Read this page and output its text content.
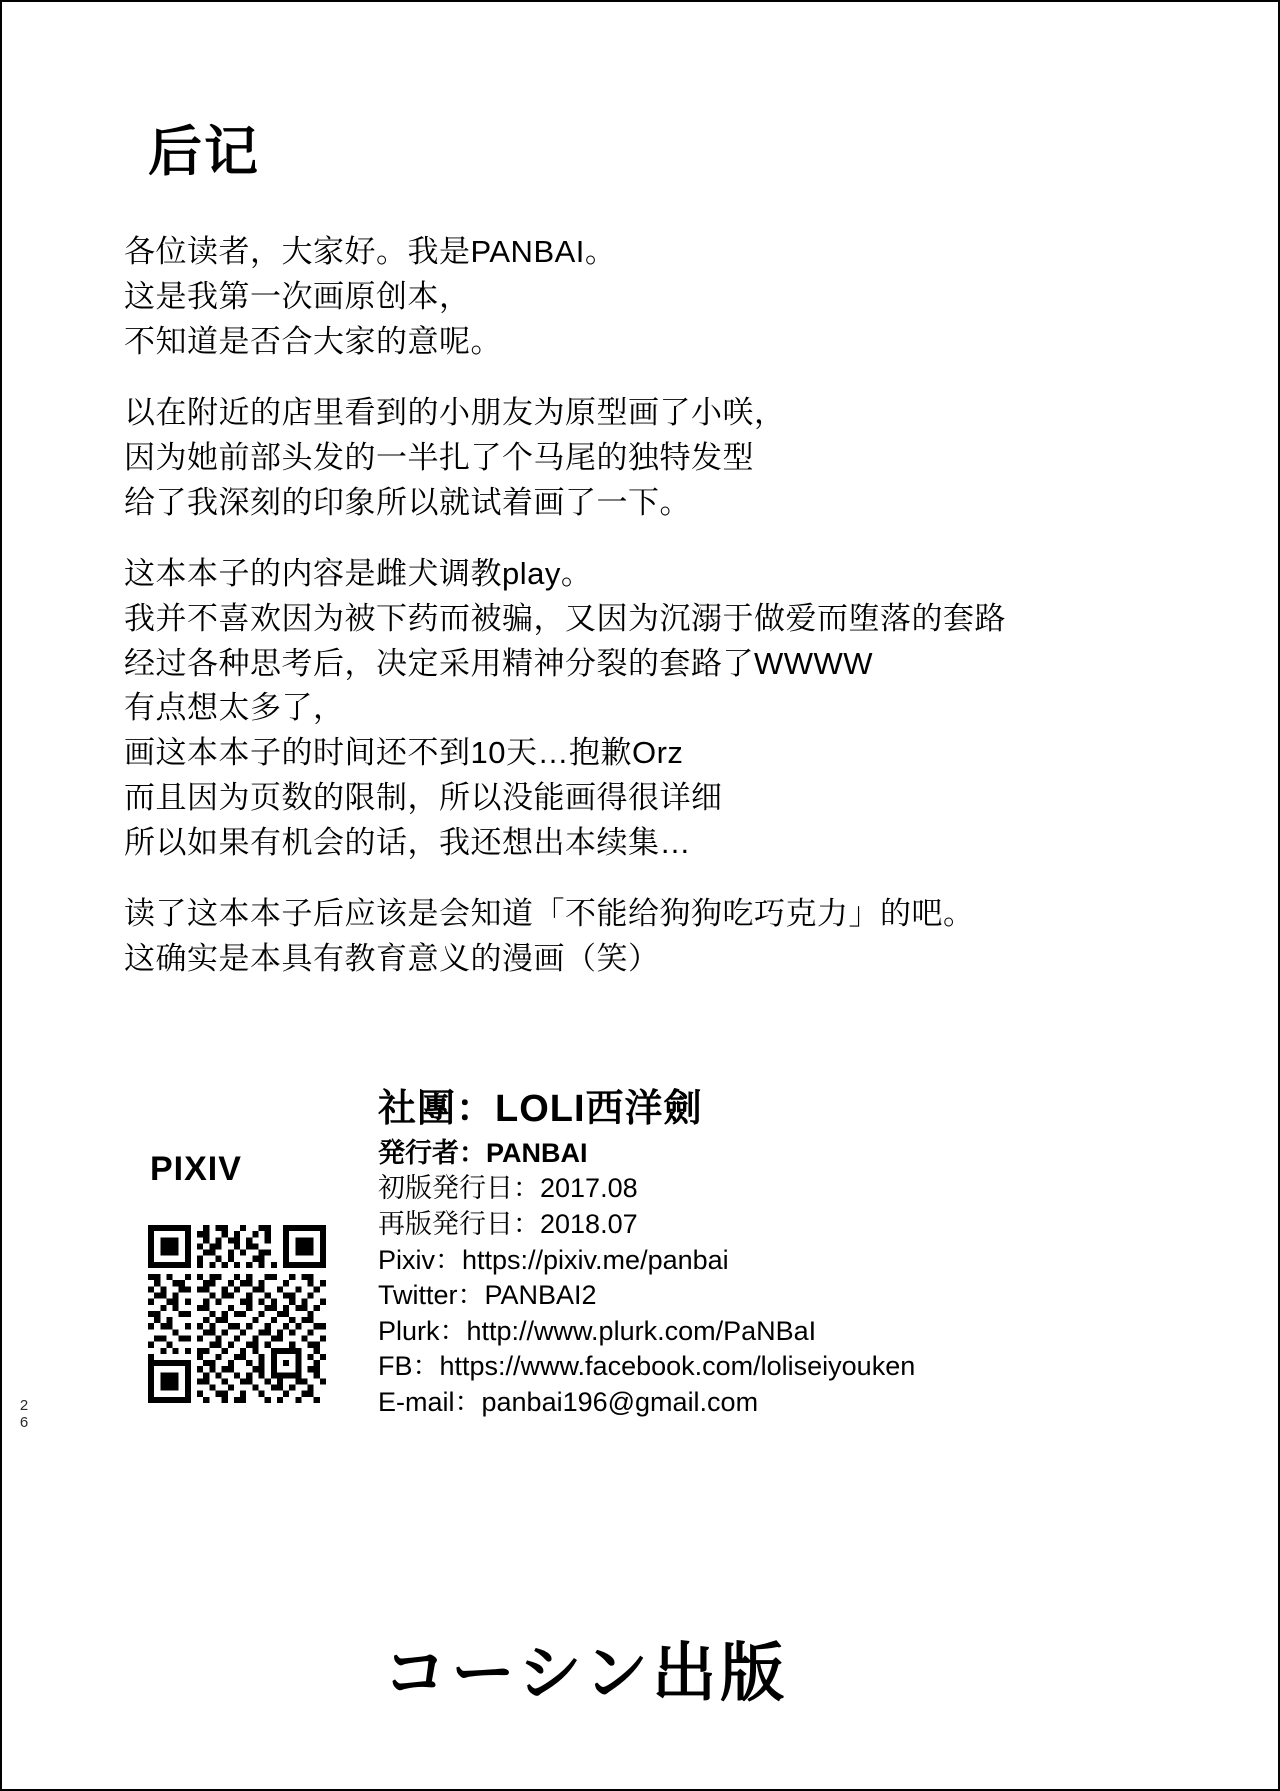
后记
各位读者，大家好。我是PANBAI。
这是我第一次画原创本，
不知道是否合大家的意呢。
以在附近的店里看到的小朋友为原型画了小咲，
因为她前部头发的一半扎了个马尾的独特发型
给了我深刻的印象所以就试着画了一下。
这本本子的内容是雌犬调教play。
我并不喜欢因为被下药而被骗，又因为沉溺于做爱而堕落的套路
经过各种思考后，决定采用精神分裂的套路了WWWW
有点想太多了，
画这本本子的时间还不到10天…抱歉Orz
而且因为页数的限制，所以没能画得很详细
所以如果有机会的话，我还想出本续集…
读了这本本子后应该是会知道「不能给狗狗吃巧克力」的吧。
这确实是本具有教育意义的漫画（笑）
2
6
PIXIV
社團：LOLI西洋劍
発行者：PANBAI
初版発行日：2017.08
再版発行日：2018.07
Pixiv：https://pixiv.me/panbai
Twitter：PANBAI2
Plurk：http://www.plurk.com/PaNBaI
FB：https://www.facebook.com/loliseiyouken
E-mail：panbai196@gmail.com
コーシン出版
